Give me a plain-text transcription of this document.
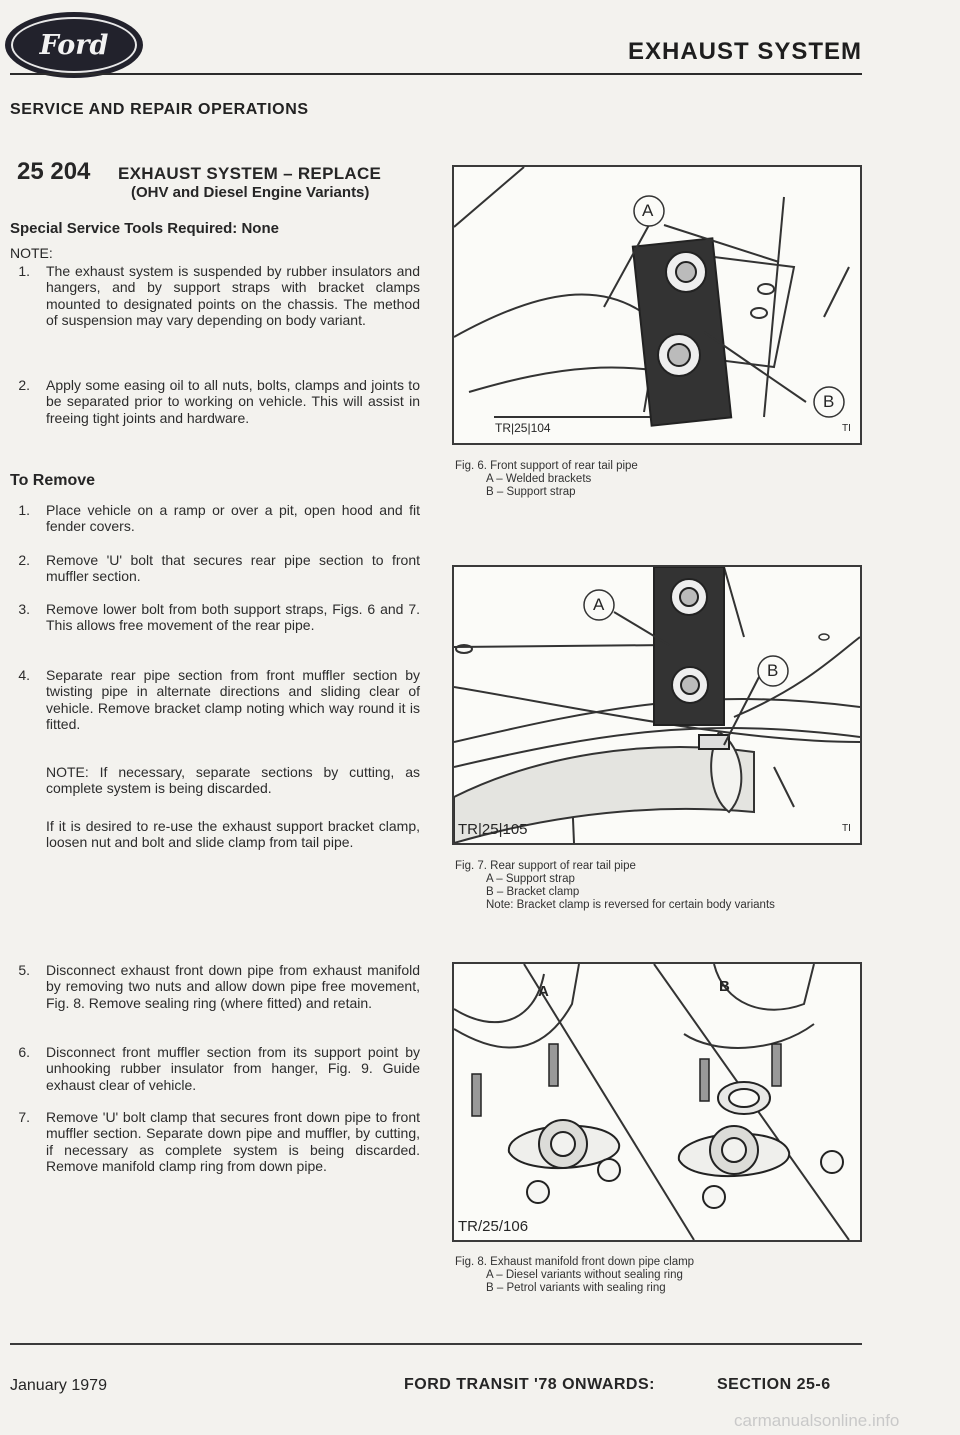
Ford	EXHAUST SYSTEM
SERVICE AND REPAIR OPERATIONS
25 204 EXHAUST SYSTEM – REPLACE
(OHV and Diesel Engine Variants)
Special Service Tools Required: None
NOTE:
1. The exhaust system is suspended by rubber insulators and hangers, and by support straps with bracket clamps mounted to designated points on the chassis. The method of suspension may vary depending on body variant.
2. Apply some easing oil to all nuts, bolts, clamps and joints to be separated prior to working on vehicle. This will assist in freeing tight joints and hardware.
To Remove
1. Place vehicle on a ramp or over a pit, open hood and fit fender covers.
2. Remove 'U' bolt that secures rear pipe section to front muffler section.
3. Remove lower bolt from both support straps, Figs. 6 and 7. This allows free movement of the rear pipe.
4. Separate rear pipe section from front muffler section by twisting pipe in alternate directions and sliding clear of vehicle. Remove bracket clamp noting which way round it is fitted.
NOTE: If necessary, separate sections by cutting, as complete system is being discarded.
If it is desired to re-use the exhaust support bracket clamp, loosen nut and bolt and slide clamp from tail pipe.
5. Disconnect exhaust front down pipe from exhaust manifold by removing two nuts and allow down pipe free movement, Fig. 8. Remove sealing ring (where fitted) and retain.
6. Disconnect front muffler section from its support point by unhooking rubber insulator from hanger, Fig. 9. Guide exhaust clear of vehicle.
7. Remove 'U' bolt clamp that secures front down pipe to front muffler section. Separate down pipe and muffler, by cutting, if necessary as complete system is being discarded. Remove manifold clamp ring from down pipe.
A
B
TR|25|104	TI
Fig. 6. Front support of rear tail pipe
A – Welded brackets
B – Support strap
A
B
TR|25|105	TI
Fig. 7. Rear support of rear tail pipe
A – Support strap
B – Bracket clamp
Note: Bracket clamp is reversed for certain body variants
A	B
TR/25/106
Fig. 8. Exhaust manifold front down pipe clamp
A – Diesel variants without sealing ring
B – Petrol variants with sealing ring
January 1979	FORD TRANSIT '78 ONWARDS:	SECTION 25-6
carmanualsonline.info
